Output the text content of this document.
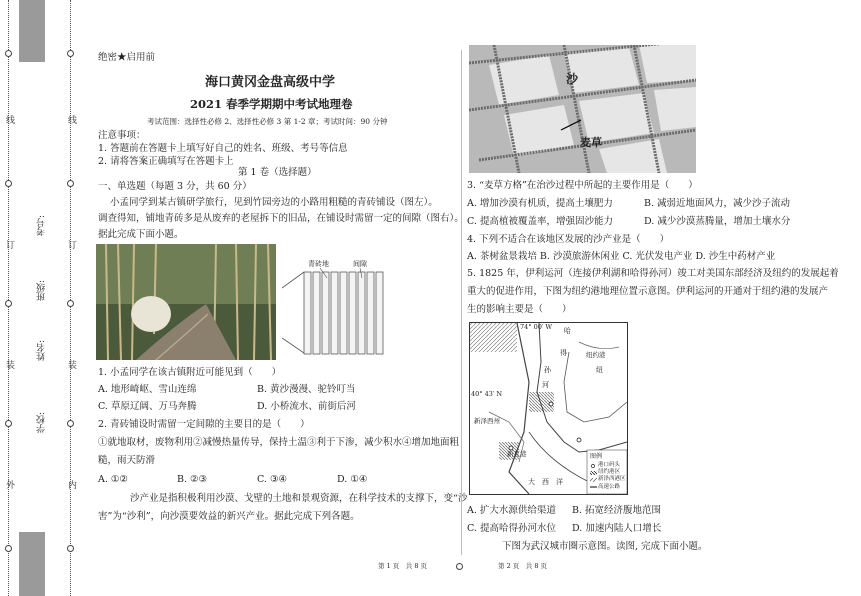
线
订
装
外
线
订
装
内
学校:
姓名:
班级:
考号:
绝密★启用前
海口黄冈金盘高级中学
2021 春季学期期中考试地理卷
考试范围：选择性必修 2、选择性必修 3 第 1-2 章；考试时间：90 分钟
注意事项：
1. 答题前在答题卡上填写好自己的姓名、班级、考号等信息
2. 请将答案正确填写在答题卡上
第 1 卷（选择题）
一、单选题（每题 3 分，共 60 分）
小孟同学到某古镇研学旅行，见到竹园旁边的小路用粗糙的青砖铺设（图左）。
调查得知，铺地青砖多是从废弃的老屋拆下的旧品，在铺设时需留一定的间隙（图右）。
据此完成下面小题。
青砖地	间隙
1. 小孟同学在该古镇附近可能见到（　　）
A. 地形崎岖、雪山连绵	B. 黄沙漫漫、驼铃叮当
C. 草原辽阔、万马奔腾	D. 小桥流水、前街后河
2. 青砖铺设时需留一定间隙的主要目的是（　　）
①就地取材，废物利用②减慢热量传导，保持土温③利于下渗，减少积水④增加地面粗
糙，雨天防滑
A. ①②	B. ②③	C. ③④	D. ①④
沙产业是指积极利用沙漠、戈壁的土地和景观资源，在科学技术的支撑下，变“沙
害”为“沙利”，向沙漠要效益的新兴产业。据此完成下列各题。
沙
麦草
3. “麦草方格”在治沙过程中所起的主要作用是（　　）
A. 增加沙漠有机质，提高土壤肥力	B. 减弱近地面风力，减少沙子流动
C. 提高植被覆盖率，增强固沙能力	D. 减少沙漠蒸腾量，增加土壤水分
4. 下列不适合在该地区发展的沙产业是（　　）
A. 茶树盆景栽培 B. 沙漠旅游休闲业 C. 光伏发电产业 D. 沙生中药材产业
5. 1825 年，伊利运河（连接伊利湖和哈得孙河）竣工对美国东部经济及纽约的发展起着
重大的促进作用，下图为纽约港地理位置示意图。伊利运河的开通对于纽约港的发展产
生的影响主要是（　　）
74° 00′ W
40° 43′ N
哈
得
孙
河
纽约港
纽
新泽西州
新瓦港
大　西　洋
图例
港口码头
纽约港区
新泽西港区
高速公路
A. 扩大水源供给渠道 B. 拓宽经济腹地范围
C. 提高哈得孙河水位 D. 加速内陆人口增长
下图为武汉城市圈示意图。读图, 完成下面小题。
第 1 页　共 8 页	第 2 页　共 8 页
